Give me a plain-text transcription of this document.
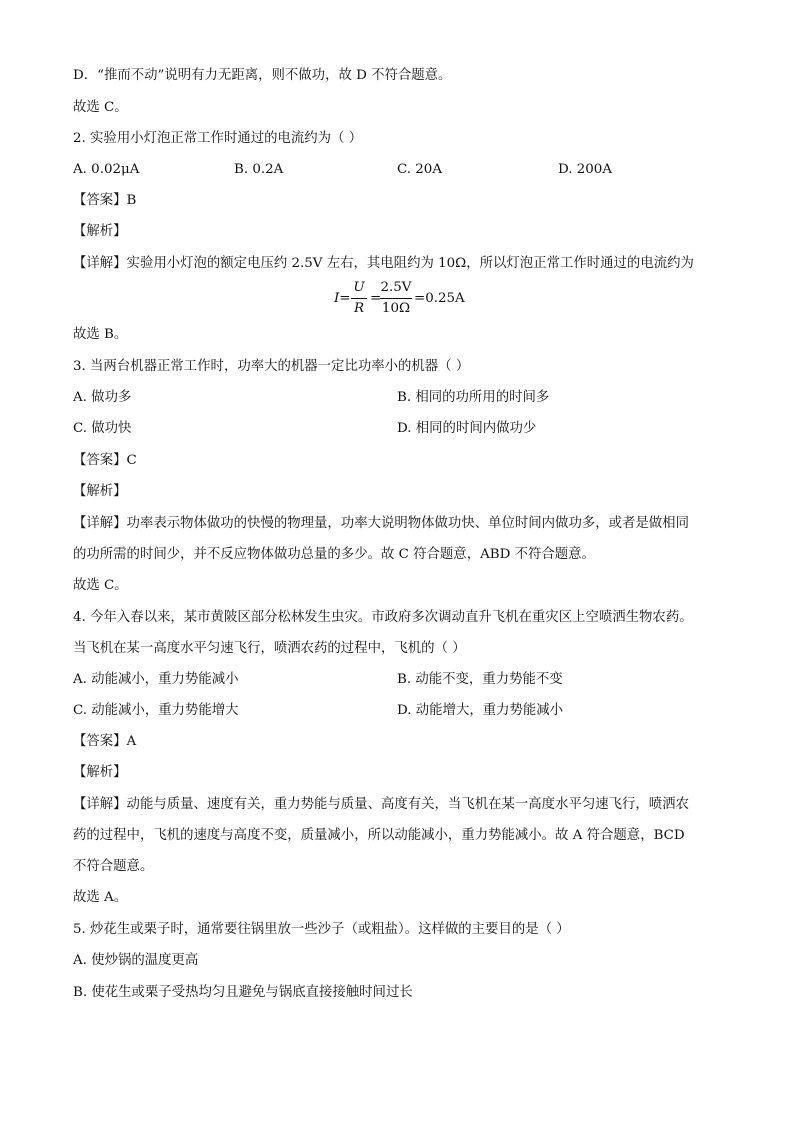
D．“推而不动”说明有力无距离，则不做功，故 D 不符合题意。
故选 C。
2. 实验用小灯泡正常工作时通过的电流约为（ ）
A. 0.02μA	B. 0.2A	C. 20A	D. 200A
【答案】B
【解析】
【详解】实验用小灯泡的额定电压约 2.5V 左右，其电阻约为 10Ω，所以灯泡正常工作时通过的电流约为
I=
U
R
=
2.5V
10Ω
=0.25A
故选 B。
3. 当两台机器正常工作时，功率大的机器一定比功率小的机器（ ）
A. 做功多	B. 相同的功所用的时间多
C. 做功快	D. 相同的时间内做功少
【答案】C
【解析】
【详解】功率表示物体做功的快慢的物理量，功率大说明物体做功快、单位时间内做功多，或者是做相同
的功所需的时间少，并不反应物体做功总量的多少。故 C 符合题意，ABD 不符合题意。
故选 C。
4. 今年入春以来，某市黄陂区部分松林发生虫灾。市政府多次调动直升飞机在重灾区上空喷洒生物农药。
当飞机在某一高度水平匀速飞行，喷洒农药的过程中，飞机的（ ）
A. 动能减小，重力势能减小	B. 动能不变，重力势能不变
C. 动能减小，重力势能增大	D. 动能增大，重力势能减小
【答案】A
【解析】
【详解】动能与质量、速度有关，重力势能与质量、高度有关，当飞机在某一高度水平匀速飞行，喷洒农
药的过程中，飞机的速度与高度不变，质量减小，所以动能减小，重力势能减小。故 A 符合题意，BCD
不符合题意。
故选 A。
5. 炒花生或栗子时，通常要往锅里放一些沙子（或粗盐）。这样做的主要目的是（ ）
A. 使炒锅的温度更高
B. 使花生或栗子受热均匀且避免与锅底直接接触时间过长
